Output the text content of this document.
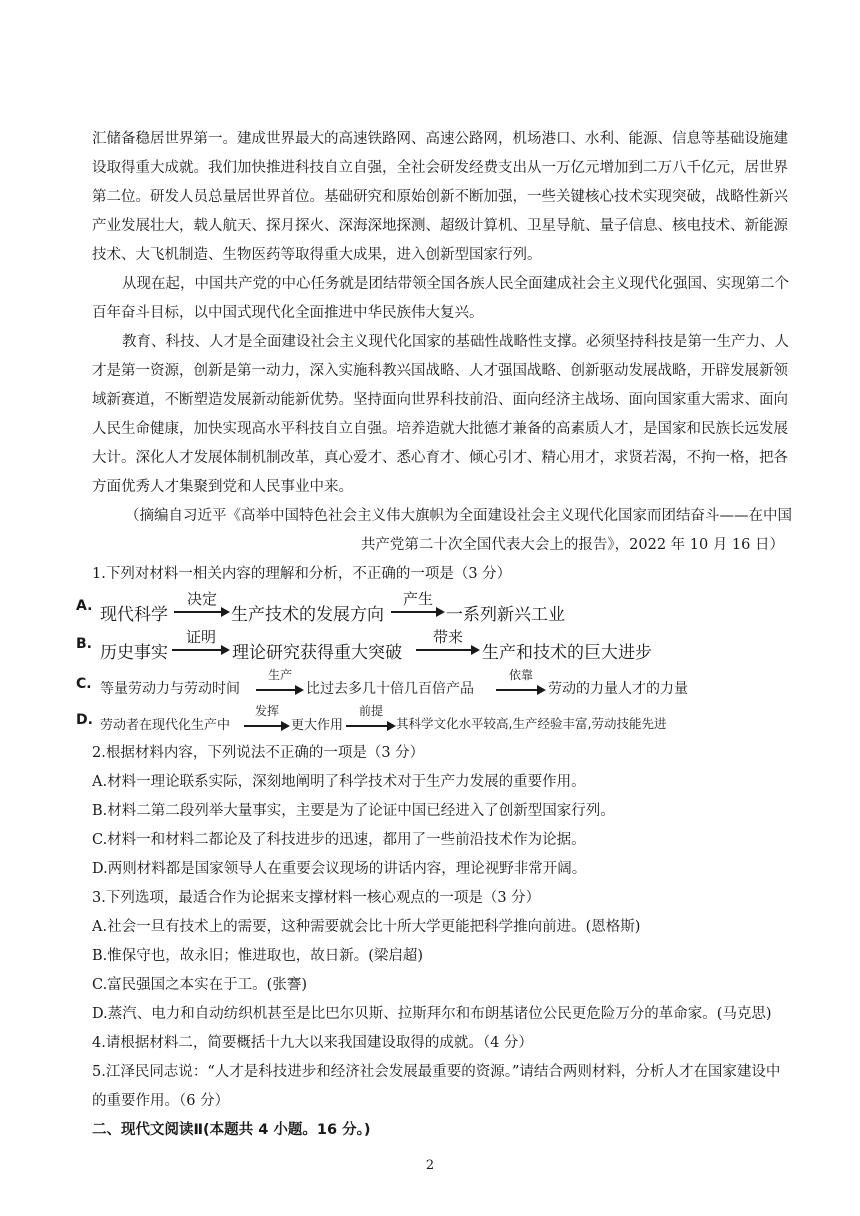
汇储备稳居世界第一。建成世界最大的高速铁路网、高速公路网，机场港口、水利、能源、信息等基础设施建
设取得重大成就。我们加快推进科技自立自强，全社会研发经费支出从一万亿元增加到二万八千亿元，居世界
第二位。研发人员总量居世界首位。基础研究和原始创新不断加强，一些关键核心技术实现突破，战略性新兴
产业发展壮大，载人航天、探月探火、深海深地探测、超级计算机、卫星导航、量子信息、核电技术、新能源
技术、大飞机制造、生物医药等取得重大成果，进入创新型国家行列。
从现在起，中国共产党的中心任务就是团结带领全国各族人民全面建成社会主义现代化强国、实现第二个
百年奋斗目标，以中国式现代化全面推进中华民族伟大复兴。
教育、科技、人才是全面建设社会主义现代化国家的基础性战略性支撑。必须坚持科技是第一生产力、人
才是第一资源，创新是第一动力，深入实施科教兴国战略、人才强国战略、创新驱动发展战略，开辟发展新领
域新赛道，不断塑造发展新动能新优势。坚持面向世界科技前沿、面向经济主战场、面向国家重大需求、面向
人民生命健康，加快实现高水平科技自立自强。培养造就大批德才兼备的高素质人才，是国家和民族长远发展
大计。深化人才发展体制机制改革，真心爱才、悉心育才、倾心引才、精心用才，求贤若渴，不拘一格，把各
方面优秀人才集聚到党和人民事业中来。
（摘编自习近平《高举中国特色社会主义伟大旗帜为全面建设社会主义现代化国家而团结奋斗——在中国
共产党第二十次全国代表大会上的报告》，2022 年 10 月 16 日）
1.下列对材料一相关内容的理解和分析，不正确的一项是（3 分）
A. 现代科学
决定
生产技术的发展方向
产生
一系列新兴工业
B. 历史事实
证明
理论研究获得重大突破
带来
生产和技术的巨大进步
C. 等量劳动力与劳动时间
生产
比过去多几十倍几百倍产品
依靠
劳动的力量人才的力量
D. 劳动者在现代化生产中
发挥
更大作用
前提
其科学文化水平较高,生产经验丰富,劳动技能先进
2.根据材料内容，下列说法不正确的一项是（3 分）
A.材料一理论联系实际，深刻地阐明了科学技术对于生产力发展的重要作用。
B.材料二第二段列举大量事实，主要是为了论证中国已经进入了创新型国家行列。
C.材料一和材料二都论及了科技进步的迅速，都用了一些前沿技术作为论据。
D.两则材料都是国家领导人在重要会议现场的讲话内容，理论视野非常开阔。
3.下列选项，最适合作为论据来支撑材料一核心观点的一项是（3 分）
A.社会一旦有技术上的需要，这种需要就会比十所大学更能把科学推向前进。(恩格斯)
B.惟保守也，故永旧；惟进取也，故日新。(梁启超)
C.富民强国之本实在于工。(张謇)
D.蒸汽、电力和自动纺织机甚至是比巴尔贝斯、拉斯拜尔和布朗基诸位公民更危险万分的革命家。(马克思)
4.请根据材料二，简要概括十九大以来我国建设取得的成就。（4 分）
5.江泽民同志说：“人才是科技进步和经济社会发展最重要的资源。”请结合两则材料，分析人才在国家建设中
的重要作用。（6 分）
二、现代文阅读Ⅱ(本题共 4 小题。16 分。)
2
